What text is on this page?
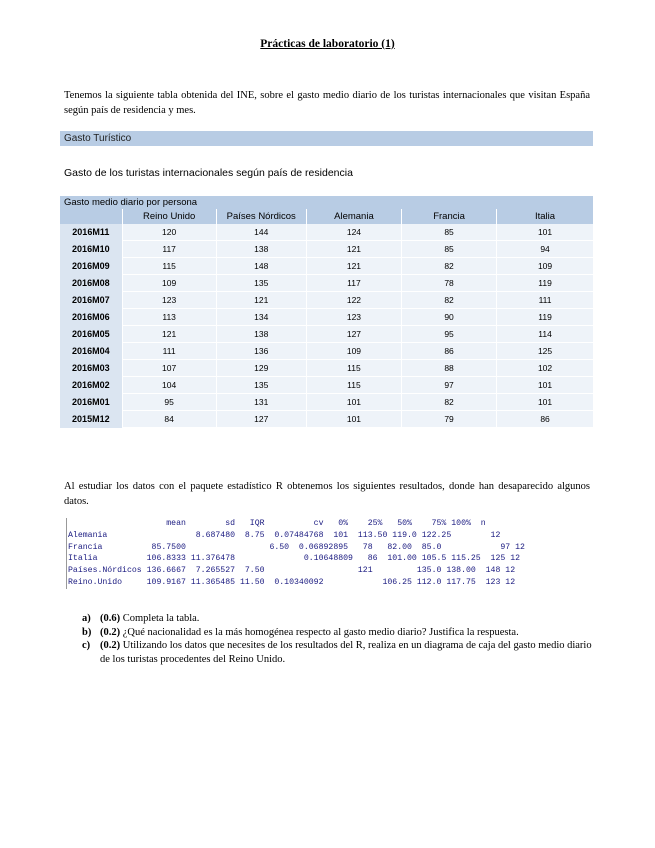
Prácticas de laboratorio (1)
Tenemos la siguiente tabla obtenida del INE, sobre el gasto medio diario de los turistas internacionales que visitan España según país de residencia y mes.
Gasto Turístico
Gasto de los turistas internacionales según país de residencia
Gasto medio diario por persona					
	Reino Unido	Países Nórdicos	Alemania	Francia	Italia
2016M11	120	144	124	85	101
2016M10	117	138	121	85	94
2016M09	115	148	121	82	109
2016M08	109	135	117	78	119
2016M07	123	121	122	82	111
2016M06	113	134	123	90	119
2016M05	121	138	127	95	114
2016M04	111	136	109	86	125
2016M03	107	129	115	88	102
2016M02	104	135	115	97	101
2016M01	95	131	101	82	101
2015M12	84	127	101	79	86
Al estudiar los datos con el paquete estadístico R obtenemos los siguientes resultados, donde han desaparecido algunos datos.
mean        sd   IQR          cv   0%    25%   50%    75% 100%  n
Alemania                  8.687480  8.75  0.07484768  101  113.50 119.0 122.25        12
Francia          85.7500                 6.50  0.06892895   78   82.00  85.0            97 12
Italia          106.8333 11.376478              0.10648809   86  101.00 105.5 115.25  125 12
Países.Nórdicos 136.6667  7.265527  7.50                   121         135.0 138.00  148 12
Reino.Unido     109.9167 11.365485 11.50  0.10340092            106.25 112.0 117.75  123 12
a) (0.6) Completa la tabla.
b) (0.2) ¿Qué nacionalidad es la más homogénea respecto al gasto medio diario? Justifica la respuesta.
c) (0.2) Utilizando los datos que necesites de los resultados del R, realiza en un diagrama de caja del gasto medio diario de los turistas procedentes del Reino Unido.
